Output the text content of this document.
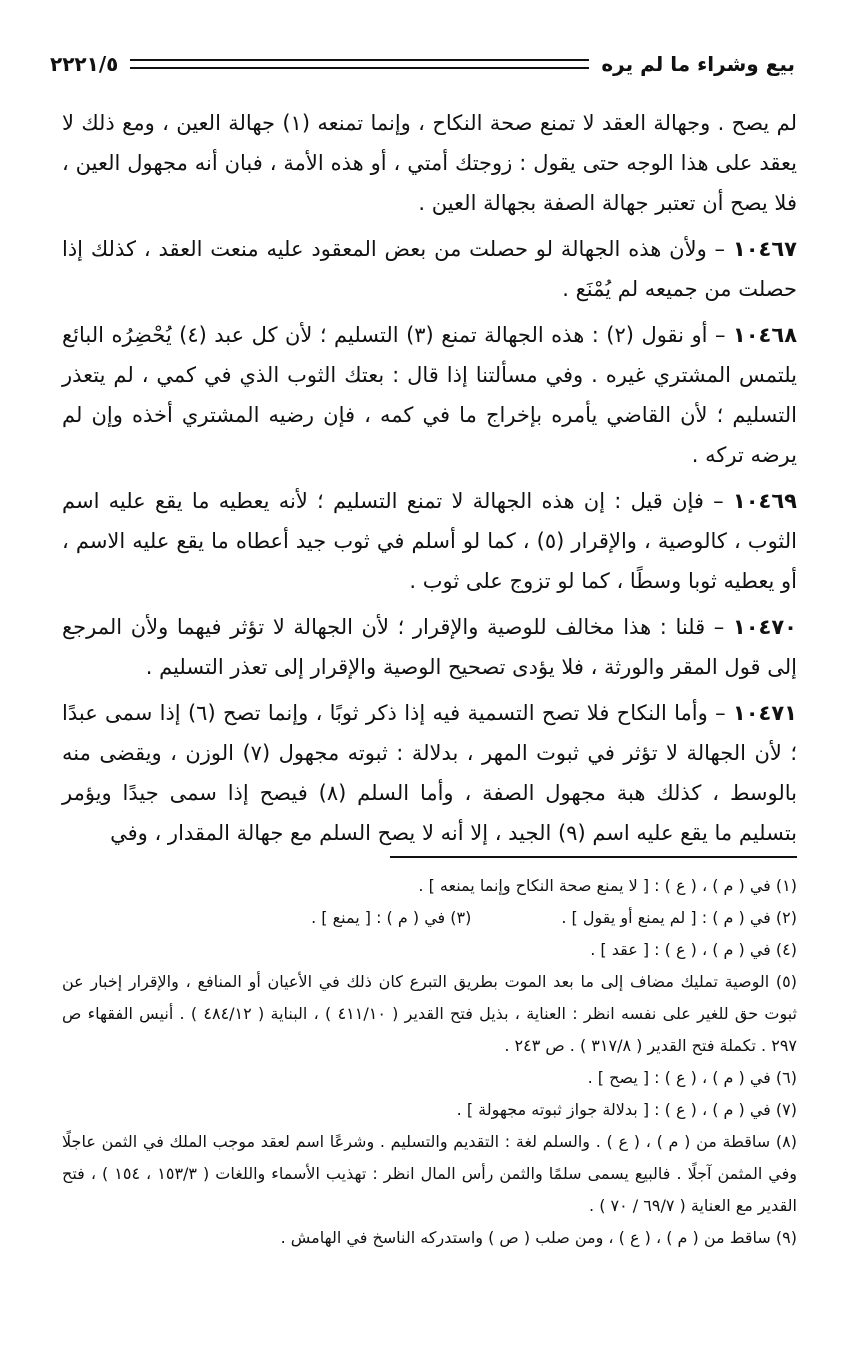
٢٢٢١/٥	بيع وشراء ما لم يره

لم يصح . وجهالة العقد لا تمنع صحة النكاح ، وإنما تمنعه (١) جهالة العين ، ومع ذلك لا يعقد على هذا الوجه حتى يقول : زوجتك أمتي ، أو هذه الأمة ، فبان أنه مجهول العين ، فلا يصح أن تعتبر جهالة الصفة بجهالة العين .

١٠٤٦٧ – ولأن هذه الجهالة لو حصلت من بعض المعقود عليه منعت العقد ، كذلك إذا حصلت من جميعه لم يُمْنَع .

١٠٤٦٨ – أو نقول (٢) : هذه الجهالة تمنع (٣) التسليم ؛ لأن كل عبد (٤) يُحْضِرُه البائع يلتمس المشتري غيره . وفي مسألتنا إذا قال : بعتك الثوب الذي في كمي ، لم يتعذر التسليم ؛ لأن القاضي يأمره بإخراج ما في كمه ، فإن رضيه المشتري أخذه وإن لم يرضه تركه .

١٠٤٦٩ – فإن قيل : إن هذه الجهالة لا تمنع التسليم ؛ لأنه يعطيه ما يقع عليه اسم الثوب ، كالوصية ، والإقرار (٥) ، كما لو أسلم في ثوب جيد أعطاه ما يقع عليه الاسم ، أو يعطيه ثوبا وسطًا ، كما لو تزوج على ثوب .

١٠٤٧٠ – قلنا : هذا مخالف للوصية والإقرار ؛ لأن الجهالة لا تؤثر فيهما ولأن المرجع إلى قول المقر والورثة ، فلا يؤدى تصحيح الوصية والإقرار إلى تعذر التسليم .

١٠٤٧١ – وأما النكاح فلا تصح التسمية فيه إذا ذكر ثوبًا ، وإنما تصح (٦) إذا سمى عبدًا ؛ لأن الجهالة لا تؤثر في ثبوت المهر ، بدلالة : ثبوته مجهول (٧) الوزن ، ويقضى منه بالوسط ، كذلك هبة مجهول الصفة ، وأما السلم (٨) فيصح إذا سمى جيدًا ويؤمر بتسليم ما يقع عليه اسم (٩) الجيد ، إلا أنه لا يصح السلم مع جهالة المقدار ، وفي

(١) في ( م ) ، ( ع ) : [ لا يمنع صحة النكاح وإنما يمنعه ] .

(٢) في ( م ) : [ لم يمنع أو يقول ] .
(٣) في ( م ) : [ يمنع ] .

(٤) في ( م ) ، ( ع ) : [ عقد ] .

(٥) الوصية تمليك مضاف إلى ما بعد الموت بطريق التبرع كان ذلك في الأعيان أو المنافع ، والإقرار إخبار عن ثبوت حق للغير على نفسه انظر : العناية ، بذيل فتح القدير ( ٤١١/١٠ ) ، البناية ( ٤٨٤/١٢ ) . أنيس الفقهاء ص ٢٩٧ . تكملة فتح القدير ( ٣١٧/٨ ) . ص ٢٤٣ .

(٦) في ( م ) ، ( ع ) : [ يصح ] .

(٧) في ( م ) ، ( ع ) : [ بدلالة جواز ثبوته مجهولة ] .

(٨) ساقطة من ( م ) ، ( ع ) . والسلم لغة : التقديم والتسليم . وشرعًا اسم لعقد موجب الملك في الثمن عاجلًا وفي المثمن آجلًا . فالبيع يسمى سلمًا والثمن رأس المال انظر : تهذيب الأسماء واللغات ( ١٥٣/٣ ، ١٥٤ ) ، فتح القدير مع العناية ( ٦٩/٧ / ٧٠ ) .

(٩) ساقط من ( م ) ، ( ع ) ، ومن صلب ( ص ) واستدركه الناسخ في الهامش .
